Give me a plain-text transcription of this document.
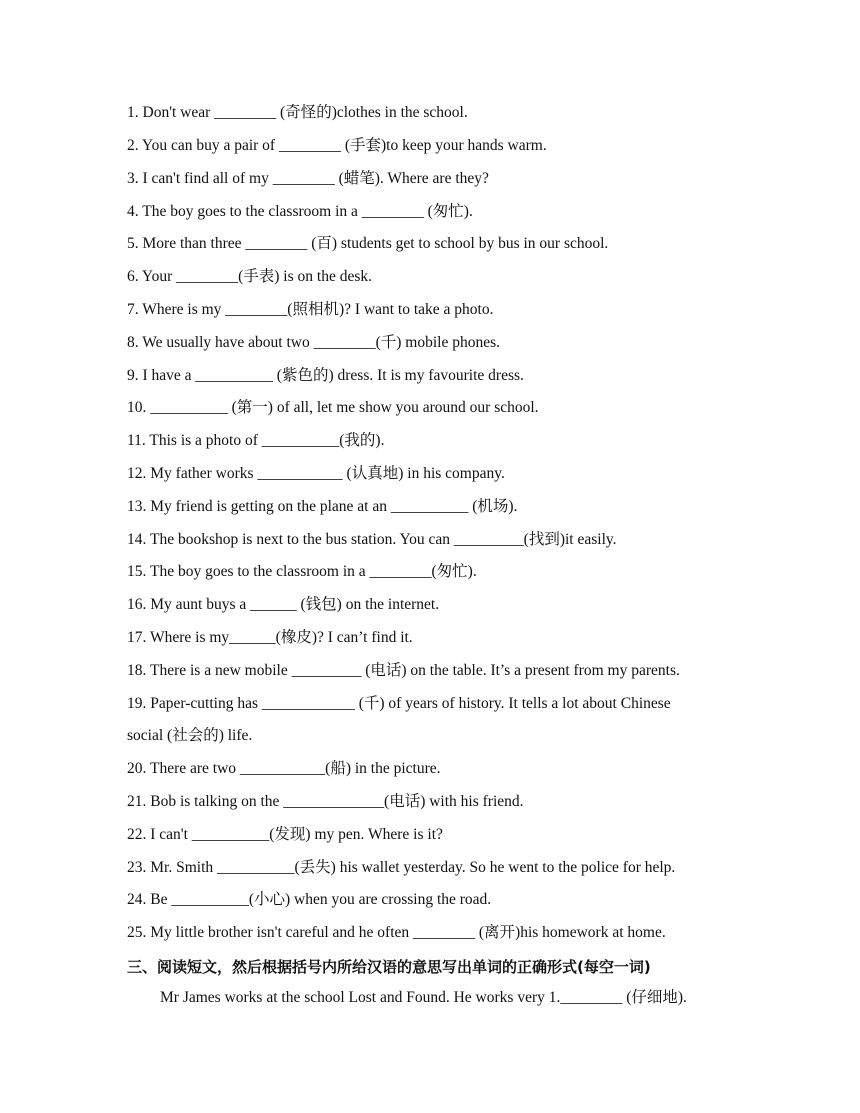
1. Don't wear ________ (奇怪的)clothes in the school.
2. You can buy a pair of ________ (手套)to keep your hands warm.
3. I can't find all of my ________ (蜡笔). Where are they?
4. The boy goes to the classroom in a ________ (匆忙).
5. More than three ________ (百) students get to school by bus in our school.
6. Your ________(手表) is on the desk.
7. Where is my ________(照相机)? I want to take a photo.
8. We usually have about two ________(千) mobile phones.
9. I have a __________ (紫色的) dress. It is my favourite dress.
10. __________ (第一) of all, let me show you around our school.
11. This is a photo of __________(我的).
12. My father works ___________ (认真地) in his company.
13. My friend is getting on the plane at an __________ (机场).
14. The bookshop is next to the bus station. You can _________(找到)it easily.
15. The boy goes to the classroom in a ________(匆忙).
16. My aunt buys a ______ (钱包) on the internet.
17. Where is my______(橡皮)? I can’t find it.
18. There is a new mobile _________ (电话) on the table. It’s a present from my parents.
19. Paper-cutting has ____________ (千) of years of history. It tells a lot about Chinese
social (社会的) life.
20. There are two ___________(船) in the picture.
21. Bob is talking on the _____________(电话) with his friend.
22. I can't __________(发现) my pen. Where is it?
23. Mr. Smith __________(丢失) his wallet yesterday. So he went to the police for help.
24. Be __________(小心) when you are crossing the road.
25. My little brother isn't careful and he often ________ (离开)his homework at home.
三、阅读短文，然后根据括号内所给汉语的意思写出单词的正确形式(每空一词)
Mr James works at the school Lost and Found. He works very 1.________ (仔细地).
